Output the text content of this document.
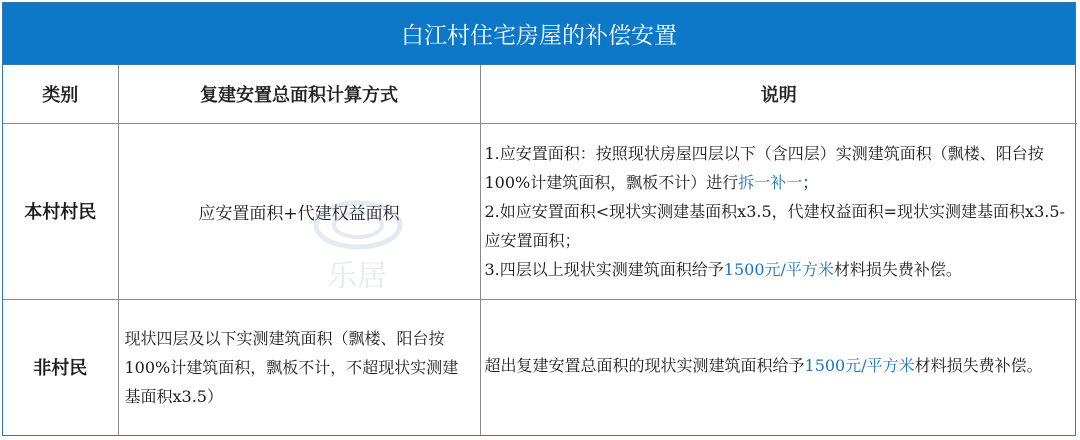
白江村住宅房屋的补偿安置
类别	复建安置总面积计算方式	说明
本村村民	应安置面积+代建权益面积	1.应安置面积：按照现状房屋四层以下（含四层）实测建筑面积（飘楼、阳台按100%计建筑面积，飘板不计）进行拆一补一；
2.如应安置面积<现状实测建基面积x3.5，代建权益面积=现状实测建基面积x3.5-应安置面积；
3.四层以上现状实测建筑面积给予1500元/平方米材料损失费补偿。

非村民	现状四层及以下实测建筑面积（飘楼、阳台按100%计建筑面积，飘板不计，不超现状实测建基面积x3.5）	超出复建安置总面积的现状实测建筑面积给予1500元/平方米材料损失费补偿。
乐居
